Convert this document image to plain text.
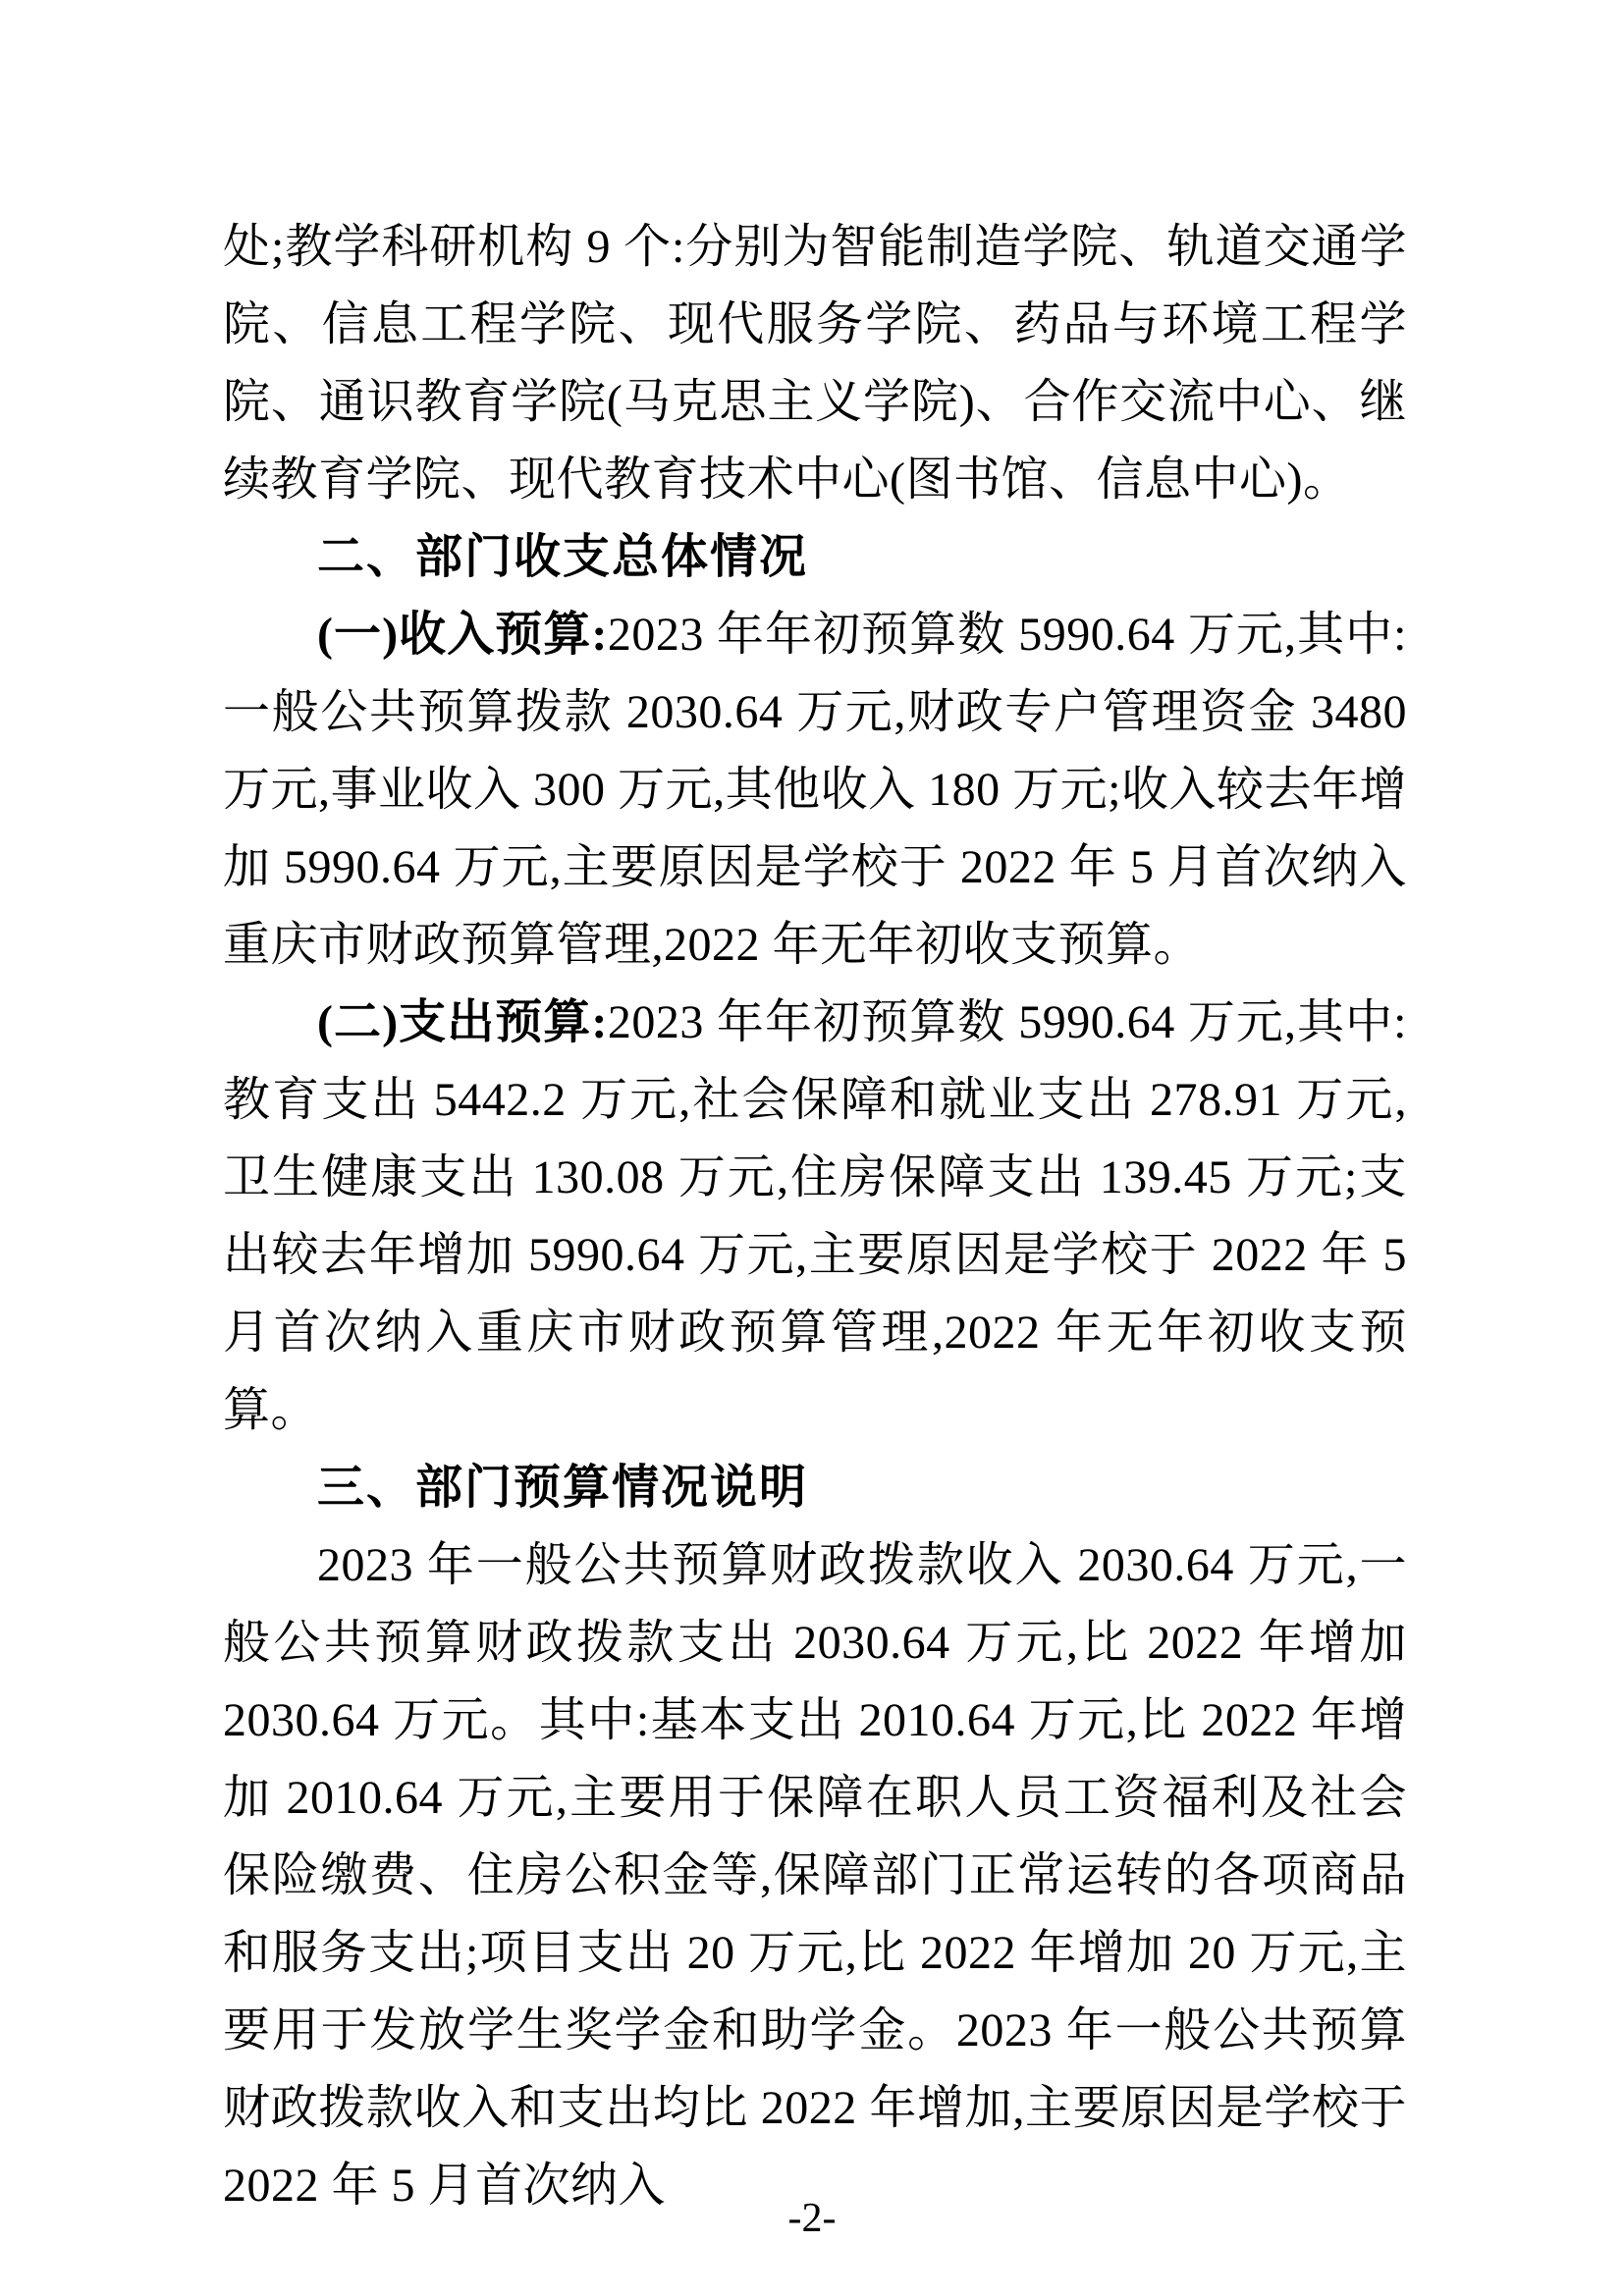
处;教学科研机构 9 个:分别为智能制造学院、轨道交通学院、信息工程学院、现代服务学院、药品与环境工程学院、通识教育学院(马克思主义学院)、合作交流中心、继续教育学院、现代教育技术中心(图书馆、信息中心)。

二、部门收支总体情况

(一)收入预算:2023 年年初预算数 5990.64 万元,其中:一般公共预算拨款 2030.64 万元,财政专户管理资金 3480 万元,事业收入 300 万元,其他收入 180 万元;收入较去年增加 5990.64 万元,主要原因是学校于 2022 年 5 月首次纳入重庆市财政预算管理,2022 年无年初收支预算。

(二)支出预算:2023 年年初预算数 5990.64 万元,其中:教育支出 5442.2 万元,社会保障和就业支出 278.91 万元,卫生健康支出 130.08 万元,住房保障支出 139.45 万元;支出较去年增加 5990.64 万元,主要原因是学校于 2022 年 5 月首次纳入重庆市财政预算管理,2022 年无年初收支预算。

三、部门预算情况说明

2023 年一般公共预算财政拨款收入 2030.64 万元,一般公共预算财政拨款支出 2030.64 万元,比 2022 年增加 2030.64 万元。其中:基本支出 2010.64 万元,比 2022 年增加 2010.64 万元,主要用于保障在职人员工资福利及社会保险缴费、住房公积金等,保障部门正常运转的各项商品和服务支出;项目支出 20 万元,比 2022 年增加 20 万元,主要用于发放学生奖学金和助学金。2023 年一般公共预算财政拨款收入和支出均比 2022 年增加,主要原因是学校于 2022 年 5 月首次纳入

-2-
